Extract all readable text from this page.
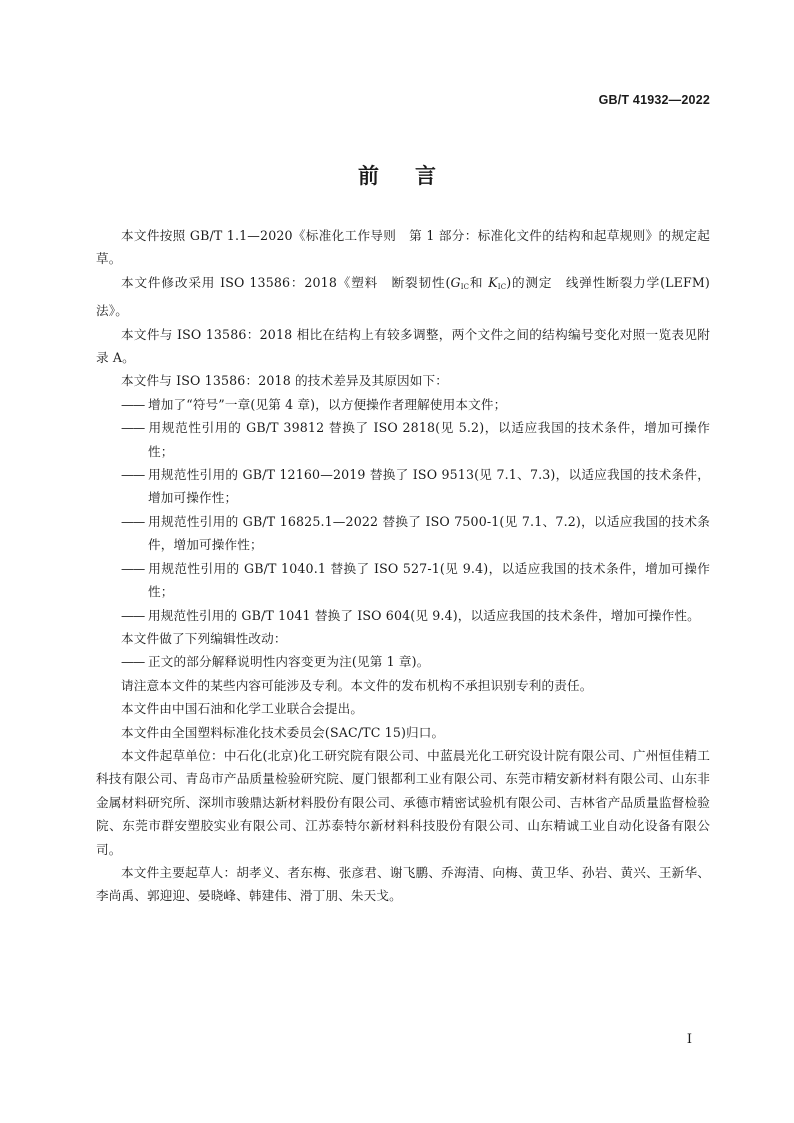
GB/T 41932—2022
前 言

本文件按照 GB/T 1.1—2020《标准化工作导则　第 1 部分：标准化文件的结构和起草规则》的规定起草。

本文件修改采用 ISO 13586：2018《塑料　断裂韧性($G_{IC}$和 $K_{IC}$)的测定　线弹性断裂力学(LEFM)法》。

本文件与 ISO 13586：2018 相比在结构上有较多调整，两个文件之间的结构编号变化对照一览表见附录 A。

本文件与 ISO 13586：2018 的技术差异及其原因如下：

—— 增加了“符号”一章(见第 4 章)，以方便操作者理解使用本文件；

—— 用规范性引用的 GB/T 39812 替换了 ISO 2818(见 5.2)，以适应我国的技术条件，增加可操作性；

—— 用规范性引用的 GB/T 12160—2019 替换了 ISO 9513(见 7.1、7.3)，以适应我国的技术条件，增加可操作性；

—— 用规范性引用的 GB/T 16825.1—2022 替换了 ISO 7500-1(见 7.1、7.2)，以适应我国的技术条件，增加可操作性；

—— 用规范性引用的 GB/T 1040.1 替换了 ISO 527-1(见 9.4)，以适应我国的技术条件，增加可操作性；

—— 用规范性引用的 GB/T 1041 替换了 ISO 604(见 9.4)，以适应我国的技术条件，增加可操作性。

本文件做了下列编辑性改动：

—— 正文的部分解释说明性内容变更为注(见第 1 章)。

请注意本文件的某些内容可能涉及专利。本文件的发布机构不承担识别专利的责任。

本文件由中国石油和化学工业联合会提出。

本文件由全国塑料标准化技术委员会(SAC/TC 15)归口。

本文件起草单位：中石化(北京)化工研究院有限公司、中蓝晨光化工研究设计院有限公司、广州恒佳精工科技有限公司、青岛市产品质量检验研究院、厦门银都利工业有限公司、东莞市精安新材料有限公司、山东非金属材料研究所、深圳市骏鼎达新材料股份有限公司、承德市精密试验机有限公司、吉林省产品质量监督检验院、东莞市群安塑胶实业有限公司、江苏泰特尔新材料科技股份有限公司、山东精诚工业自动化设备有限公司。

本文件主要起草人：胡孝义、者东梅、张彦君、谢飞鹏、乔海清、向梅、黄卫华、孙岩、黄兴、王新华、李尚禹、郭迎迎、晏晓峰、韩建伟、滑丁朋、朱天戈。

I
